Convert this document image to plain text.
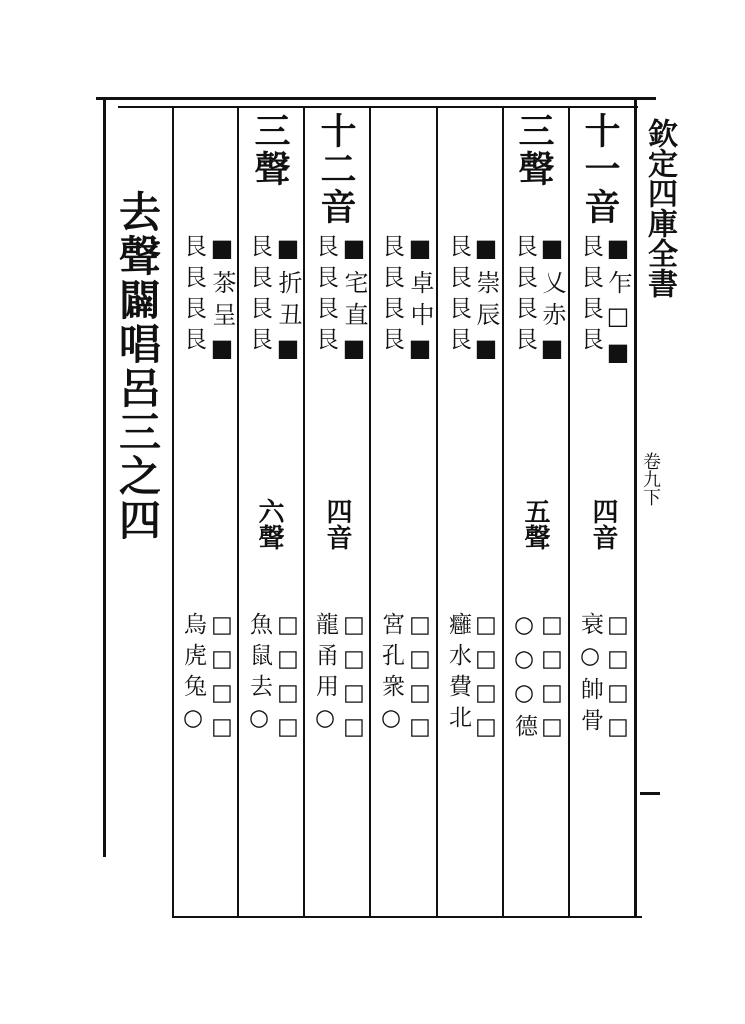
去聲闢唱呂三之四	欽定四庫全書
卷九下
十一音
艮艮艮艮 ■乍□■
四音
衰○帥骨 □□□□
三聲
艮艮艮艮 ■乂赤■
五聲
○○○德 □□□□
艮艮艮艮 ■崇辰■
癰水費北 □□□□
艮艮艮艮 ■卓中■
宮孔衆○ □□□□
十二音
艮艮艮艮 ■宅直■
四音
龍甬用○ □□□□
三聲
艮艮艮艮 ■折丑■
六聲
魚鼠去○ □□□□
艮艮艮艮 ■茶呈■
烏虎兔○ □□□□
